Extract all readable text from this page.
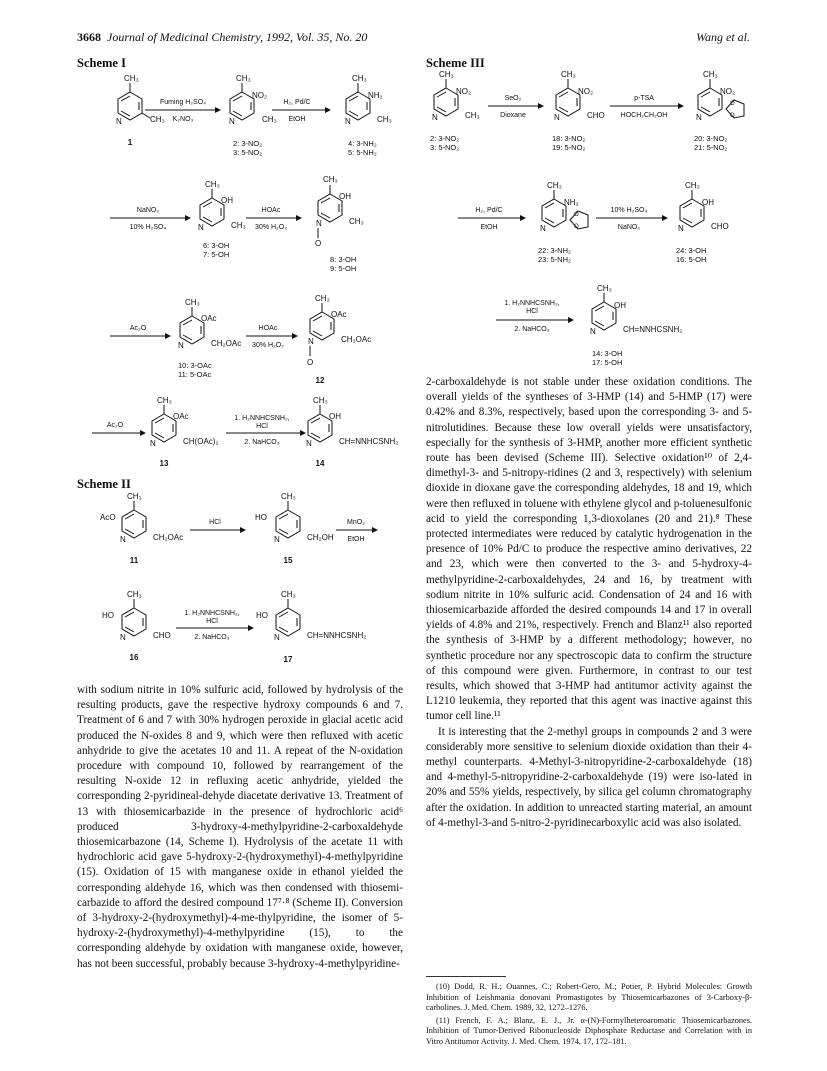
3668 Journal of Medicinal Chemistry, 1992, Vol. 35, No. 20	Wang et al.
Scheme I
Scheme II
Scheme III
CH₃
N	CH₃
1
Fuming H₂SO₄
K₂NO₃
CH₃
NO₂
N	CH₃
2: 3-NO₂
3: 5-NO₂
H₂, Pd/C
EtOH
CH₃
NH₂
N	CH₃
4: 3-NH₂
5: 5-NH₂
NaNO₂
10% H₂SO₄
CH₃
OH
N	CH₃
6: 3-OH
7: 5-OH
HOAc
30% H₂O₂
CH₃
OH
N	CH₃
O
8: 3-OH
9: 5-OH
Ac₂O
CH₃
OAc
N	CH₂OAc
10: 3-OAc
11: 5-OAc
HOAc
30% H₂O₂
CH₃
OAc
N	CH₂OAc
O
12
Ac₂O
CH₃
OAc
N	CH(OAc)₂
13
1. H₂NNHCSNH₂,
HCl
2. NaHCO₃
CH₃
OH
N	CH=NNHCSNH₂
14
CH₃
AcO
N	CH₂OAc
11
HCl
CH₃
HO
N	CH₂OH
15
MnO₂
EtOH
CH₃
HO
N	CHO
16
1. H₂NNHCSNH₂,
HCl
2. NaHCO₃
CH₃
HO
N	CH=NNHCSNH₂
17
CH₃
NO₂
N	CH₃
2: 3-NO₂
3: 5-NO₂
SeO₂
Dioxane
CH₃
NO₂
N	CHO
18: 3-NO₂
19: 5-NO₂
p-TSA
HOCH₂CH₂OH
CH₃
NO₂
N
O
O
20: 3-NO₂
21: 5-NO₂
H₂, Pd/C
EtOH
CH₃
NH₂
N
O
O
22: 3-NH₂
23: 5-NH₂
10% H₂SO₄
NaNO₂
CH₃
OH
N	CHO
24: 3-OH
16: 5-OH
1. H₂NNHCSNH₂,
HCl
2. NaHCO₃
CH₃
OH
N	CH=NNHCSNH₂
14: 3-OH
17: 5-OH

with sodium nitrite in 10% sulfuric acid, followed by hydrolysis of the resulting products, gave the respective hydroxy compounds 6 and 7. Treatment of 6 and 7 with 30% hydrogen peroxide in glacial acetic acid produced the N-oxides 8 and 9, which were then refluxed with acetic anhydride to give the acetates 10 and 11. A repeat of the N-oxidation procedure with compound 10, followed by rearrangement of the resulting N-oxide 12 in refluxing acetic anhydride, yielded the corresponding 2-pyridineal-dehyde diacetate derivative 13. Treatment of 13 with thiosemicarbazide in the presence of hydrochloric acid⁶ produced 3-hydroxy-4-methylpyridine-2-carboxaldehyde thiosemicarbazone (14, Scheme I). Hydrolysis of the acetate 11 with hydrochloric acid gave 5-hydroxy-2-(hydroxymethyl)-4-methylpyridine (15). Oxidation of 15 with manganese oxide in ethanol yielded the corresponding aldehyde 16, which was then condensed with thiosemi-carbazide to afford the desired compound 17⁷·⁸ (Scheme II). Conversion of 3-hydroxy-2-(hydroxymethyl)-4-me-thylpyridine, the isomer of 5-hydroxy-2-(hydroxymethyl)-4-methylpyridine (15), to the corresponding aldehyde by oxidation with manganese oxide, however, has not been successful, probably because 3-hydroxy-4-methylpyridine-

2-carboxaldehyde is not stable under these oxidation conditions. The overall yields of the syntheses of 3-HMP (14) and 5-HMP (17) were 0.42% and 8.3%, respectively, based upon the corresponding 3- and 5-nitrolutidines. Because these low overall yields were unsatisfactory, especially for the synthesis of 3-HMP, another more efficient synthetic route has been devised (Scheme III). Selective oxidation¹⁰ of 2,4-dimethyl-3- and 5-nitropy-ridines (2 and 3, respectively) with selenium dioxide in dioxane gave the corresponding aldehydes, 18 and 19, which were then refluxed in toluene with ethylene glycol and p-toluenesulfonic acid to yield the corresponding 1,3-dioxolanes (20 and 21).⁸ These protected intermediates were reduced by catalytic hydrogenation in the presence of 10% Pd/C to produce the respective amino derivatives, 22 and 23, which were then converted to the 3- and 5-hydroxy-4-methylpyridine-2-carboxaldehydes, 24 and 16, by treatment with sodium nitrite in 10% sulfuric acid. Condensation of 24 and 16 with thiosemicarbazide afforded the desired compounds 14 and 17 in overall yields of 4.8% and 21%, respectively. French and Blanz¹¹ also reported the synthesis of 3-HMP by a different methodology; however, no synthetic procedure nor any spectroscopic data to confirm the structure of this compound were given. Furthermore, in contrast to our test results, which showed that 3-HMP had antitumor activity against the L1210 leukemia, they reported that this agent was inactive against this tumor cell line.¹¹

It is interesting that the 2-methyl groups in compounds 2 and 3 were considerably more sensitive to selenium dioxide oxidation than their 4-methyl counterparts. 4-Methyl-3-nitropyridine-2-carboxaldehyde (18) and 4-methyl-5-nitropyridine-2-carboxaldehyde (19) were iso-lated in 20% and 55% yields, respectively, by silica gel column chromatography after the oxidation. In addition to unreacted starting material, an amount of 4-methyl-3-and 5-nitro-2-pyridinecarboxylic acid was also isolated.

(10) Dodd, R. H.; Ouannes, C.; Robert-Gero, M.; Potier, P. Hybrid Molecules: Growth Inhibition of Leishmania donovani Promastigotes by Thiosemicarbazones of 3-Carboxy-β-carbolines. J. Med. Chem. 1989, 32, 1272–1276.

(11) French, F. A.; Blanz, E. J., Jr. α-(N)-Formylheteroaromatic Thiosemicarbazones. Inhibition of Tumor-Derived Ribonucleoside Diphosphate Reductase and Correlation with in Vitro Antitumor Activity. J. Med. Chem. 1974, 17, 172–181.
